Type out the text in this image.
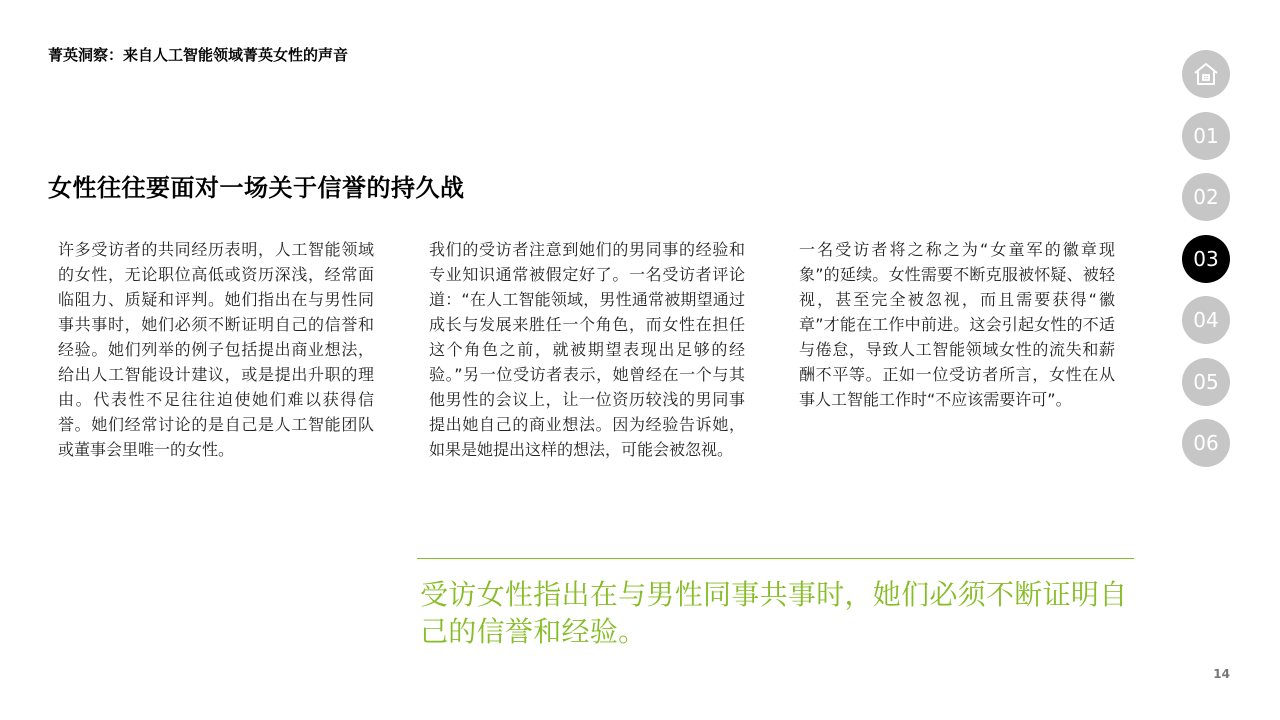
菁英洞察：来自人工智能领域菁英女性的声音
女性往往要面对一场关于信誉的持久战
许多受访者的共同经历表明，人工智能领域的女性，无论职位高低或资历深浅，经常面临阻力、质疑和评判。她们指出在与男性同事共事时，她们必须不断证明自己的信誉和经验。她们列举的例子包括提出商业想法，给出人工智能设计建议，或是提出升职的理由。代表性不足往往迫使她们难以获得信誉。她们经常讨论的是自己是人工智能团队或董事会里唯一的女性。
我们的受访者注意到她们的男同事的经验和专业知识通常被假定好了。一名受访者评论道：“在人工智能领域，男性通常被期望通过成长与发展来胜任一个角色，而女性在担任这个角色之前，就被期望表现出足够的经验。”另一位受访者表示，她曾经在一个与其他男性的会议上，让一位资历较浅的男同事提出她自己的商业想法。因为经验告诉她，如果是她提出这样的想法，可能会被忽视。
一名受访者将之称之为“女童军的徽章现象”的延续。女性需要不断克服被怀疑、被轻视，甚至完全被忽视，而且需要获得“徽章”才能在工作中前进。这会引起女性的不适与倦怠，导致人工智能领域女性的流失和薪酬不平等。正如一位受访者所言，女性在从事人工智能工作时“不应该需要许可”。
受访女性指出在与男性同事共事时，她们必须不断证明自己的信誉和经验。
14
01
02
03
04
05
06
